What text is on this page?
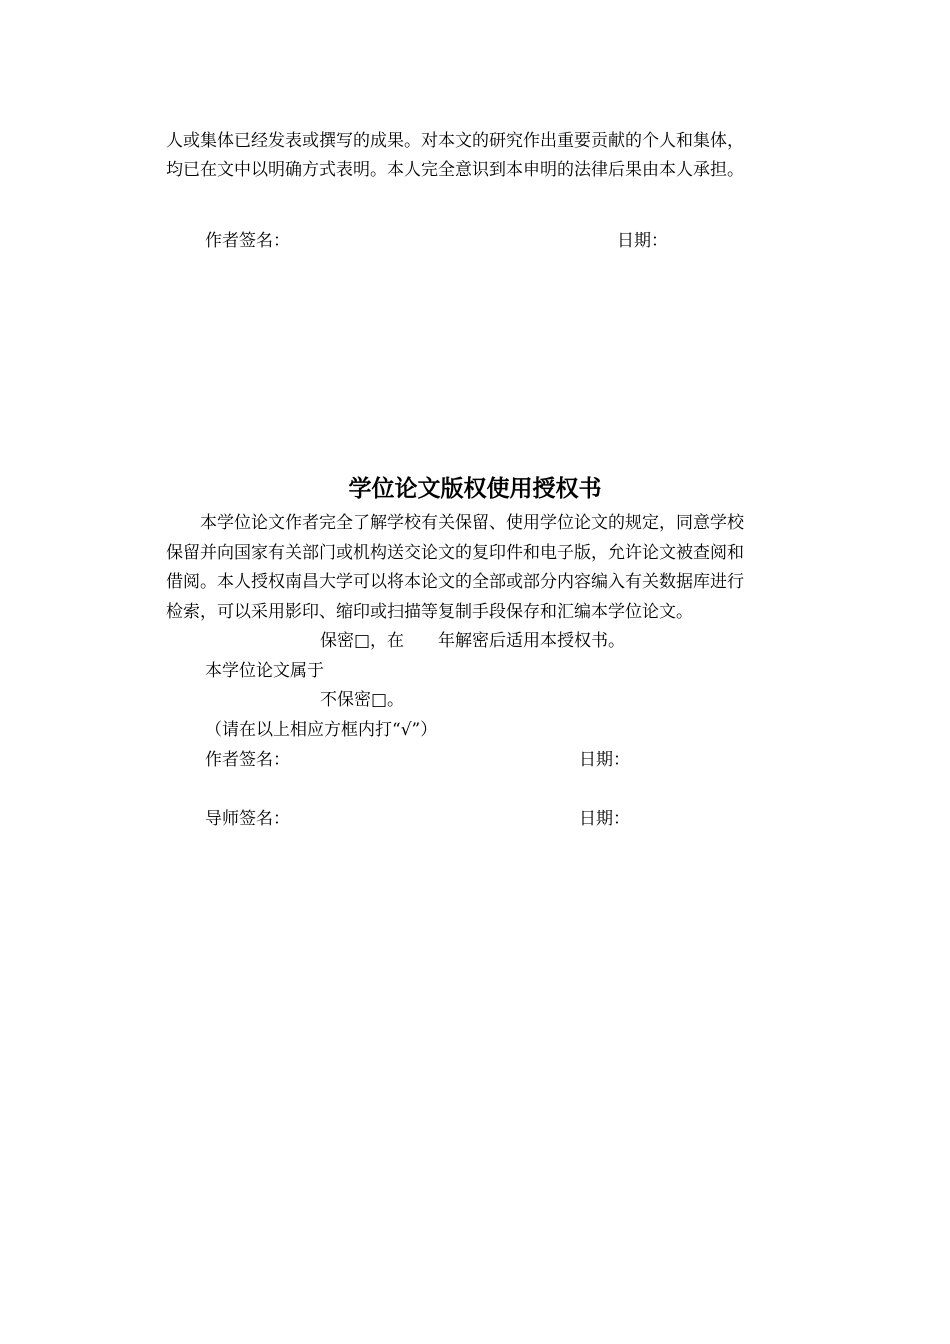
人或集体已经发表或撰写的成果。对本文的研究作出重要贡献的个人和集体，
均已在文中以明确方式表明。本人完全意识到本申明的法律后果由本人承担。
作者签名：	日期：
学位论文版权使用授权书
本学位论文作者完全了解学校有关保留、使用学位论文的规定，同意学校
保留并向国家有关部门或机构送交论文的复印件和电子版，允许论文被查阅和
借阅。本人授权南昌大学可以将本论文的全部或部分内容编入有关数据库进行
检索，可以采用影印、缩印或扫描等复制手段保存和汇编本学位论文。
保密□，在　　年解密后适用本授权书。
本学位论文属于
不保密□。
（请在以上相应方框内打“√”）
作者签名：	日期：
导师签名：	日期：
